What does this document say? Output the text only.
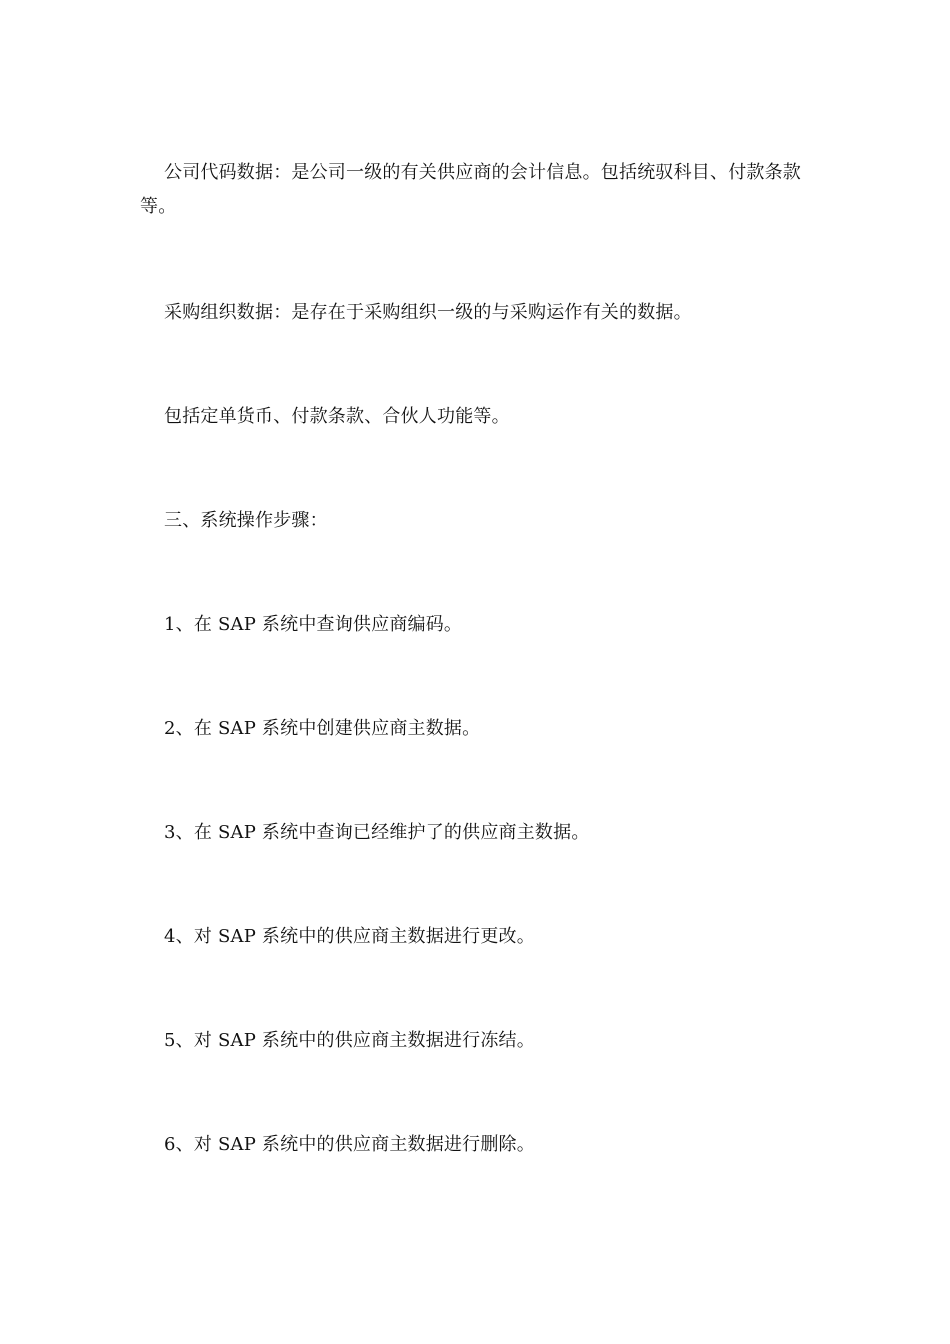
公司代码数据：是公司一级的有关供应商的会计信息。包括统驭科目、付款条款等。

采购组织数据：是存在于采购组织一级的与采购运作有关的数据。

包括定单货币、付款条款、合伙人功能等。

三、系统操作步骤：

1、在 SAP 系统中查询供应商编码。

2、在 SAP 系统中创建供应商主数据。

3、在 SAP 系统中查询已经维护了的供应商主数据。

4、对 SAP 系统中的供应商主数据进行更改。

5、对 SAP 系统中的供应商主数据进行冻结。

6、对 SAP 系统中的供应商主数据进行删除。
